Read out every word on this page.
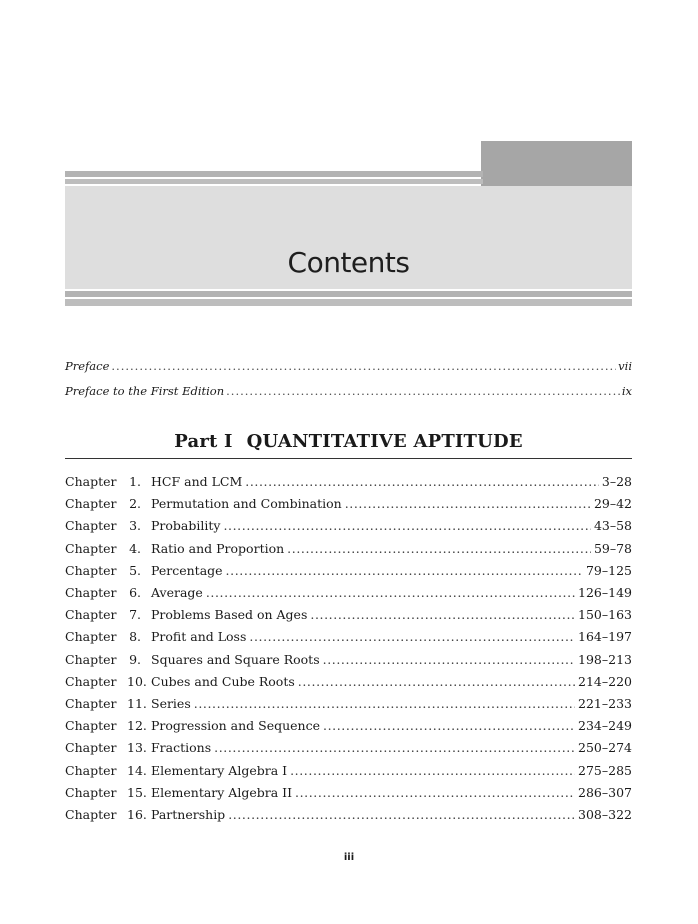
Contents
Preface .....	vii
Preface to the First Edition .....	ix
Part I QUANTITATIVE APTITUDE
Chapter	1. HCF and LCM .....	3–28
Chapter	2. Permutation and Combination .....	29–42
Chapter	3. Probability .....	43–58
Chapter	4. Ratio and Proportion .....	59–78
Chapter	5. Percentage .....	79–125
Chapter	6. Average .....	126–149
Chapter	7. Problems Based on Ages .....	150–163
Chapter	8. Profit and Loss .....	164–197
Chapter	9. Squares and Square Roots .....	198–213
Chapter 10. Cubes and Cube Roots .....	214–220
Chapter 11. Series .....	221–233
Chapter 12. Progression and Sequence .....	234–249
Chapter 13. Fractions .....	250–274
Chapter 14. Elementary Algebra I .....	275–285
Chapter 15. Elementary Algebra II .....	286–307
Chapter 16. Partnership .....	308–322
iii
